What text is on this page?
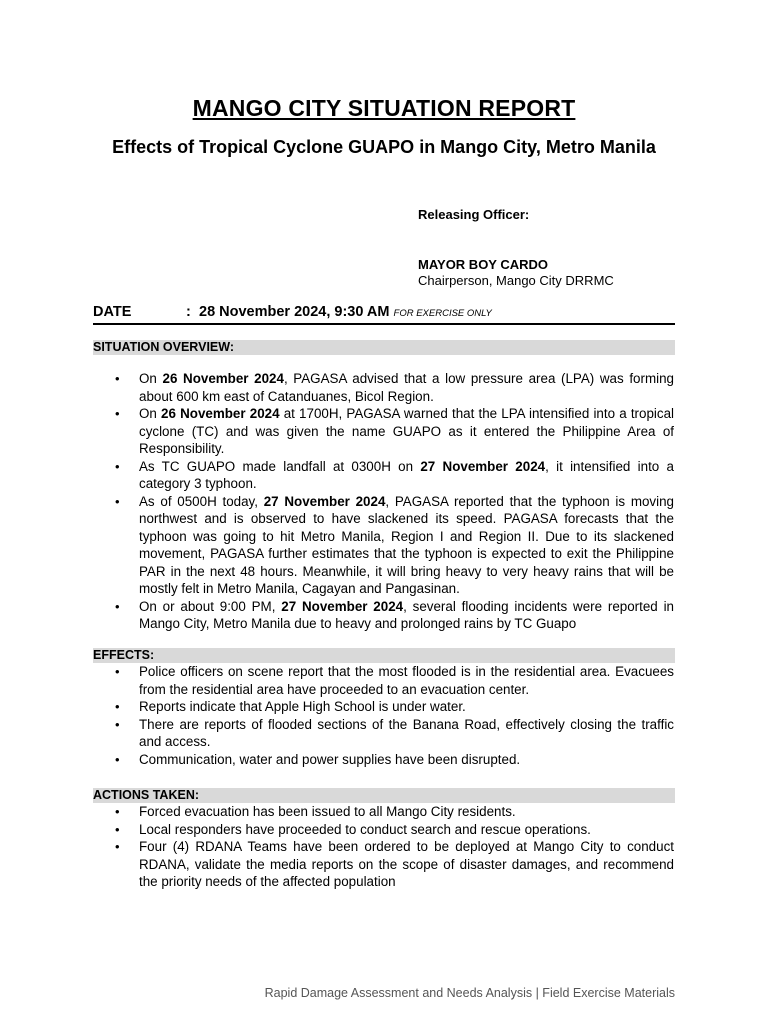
MANGO CITY SITUATION REPORT
Effects of Tropical Cyclone GUAPO in Mango City, Metro Manila
Releasing Officer:
MAYOR BOY CARDO
Chairperson, Mango City DRRMC
DATE	: 28 November 2024, 9:30 AM FOR EXERCISE ONLY
SITUATION OVERVIEW:
• On 26 November 2024, PAGASA advised that a low pressure area (LPA) was forming about 600 km east of Catanduanes, Bicol Region.
• On 26 November 2024 at 1700H, PAGASA warned that the LPA intensified into a tropical cyclone (TC) and was given the name GUAPO as it entered the Philippine Area of Responsibility.
• As TC GUAPO made landfall at 0300H on 27 November 2024, it intensified into a category 3 typhoon.
• As of 0500H today, 27 November 2024, PAGASA reported that the typhoon is moving northwest and is observed to have slackened its speed. PAGASA forecasts that the typhoon was going to hit Metro Manila, Region I and Region II. Due to its slackened movement, PAGASA further estimates that the typhoon is expected to exit the Philippine PAR in the next 48 hours. Meanwhile, it will bring heavy to very heavy rains that will be mostly felt in Metro Manila, Cagayan and Pangasinan.
• On or about 9:00 PM, 27 November 2024, several flooding incidents were reported in Mango City, Metro Manila due to heavy and prolonged rains by TC Guapo
EFFECTS:
• Police officers on scene report that the most flooded is in the residential area. Evacuees from the residential area have proceeded to an evacuation center.
• Reports indicate that Apple High School is under water.
• There are reports of flooded sections of the Banana Road, effectively closing the traffic and access.
• Communication, water and power supplies have been disrupted.
ACTIONS TAKEN:
• Forced evacuation has been issued to all Mango City residents.
• Local responders have proceeded to conduct search and rescue operations.
• Four (4) RDANA Teams have been ordered to be deployed at Mango City to conduct RDANA, validate the media reports on the scope of disaster damages, and recommend the priority needs of the affected population
Rapid Damage Assessment and Needs Analysis | Field Exercise Materials
